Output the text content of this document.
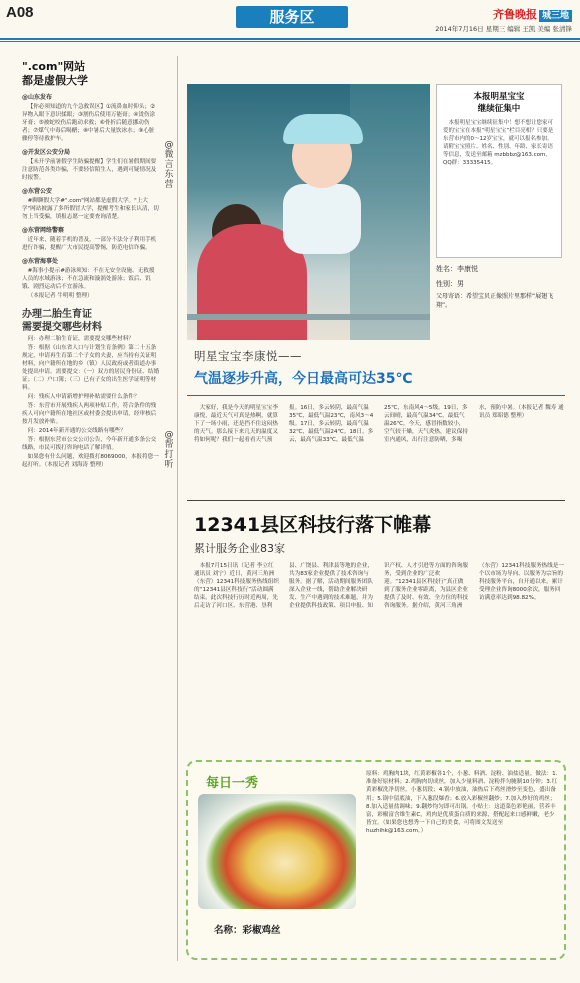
A08	服务区	齐鲁晚报 城三地
2014年7月16日 星期三 编辑 王凯 美编 张清锋
".com"网站
都是虚假大学
@山东发布

【你必须知道的九个急救误区】①流鼻血时仰头；②异物入眼下意识揉眼；③割伤后使用万能膏；④烫伤涂牙膏；⑤被蛇咬伤后跑动求救；⑥骨折后随意挪动伤者；⑦煤气中毒后喝醋；⑧中暑后大量饮冰水；⑨心脏骤停等待救护车。

@开发区公安分局

【未开学前暑假学生防骗提醒】学生们在暑假期间要注意防范各类诈骗，不要轻信陌生人，遇到可疑情况及时报警。

@东营公安

#聊聊假大学#".com"网站都是虚假大学。"上大学"网站披露了多所假冒大学，提醒考生和家长认清，切勿上当受骗，填报志愿一定要查询清楚。

@东营网络警察

近年来，随着手机的普及，一部分不法分子利用手机进行诈骗，提醒广大市民提高警惕，防范电信诈骗。

@东营海事处

#海事小提示#游泳须知：不在无安全设施、无救援人员的水域游泳；不在急流和漩涡处游泳；饭后、饥饿、剧烈运动后不宜游泳。

（本报记者 牛明明 整理）

办理二胎生育证
需要提交哪些材料

问：办理二胎生育证，需要提交哪些材料？

答：根据《山东省人口与计划生育条例》第二十五条规定，申请再生育第二个子女的夫妻，应当持有关证明材料，向户籍所在地的乡（镇）人民政府或者街道办事处提出申请。需要提交：（一）双方的居民身份证、结婚证；（二）户口簿；（三）已有子女的出生医学证明等材料。

问：残疾人申请新增护理补贴需要什么条件？

答：东营市开展残疾人两项补贴工作，符合条件的残疾人可向户籍所在地社区或村委会提出申请，经审核后按月发放补贴。

问：2014年新开通的公交线路有哪些？

答：根据东营市公交公司公告，今年新开通多条公交线路，市民可拨打咨询电话了解详情。

如果您有什么问题，欢迎拨打8069000，本报将您一起打听。（本报记者 刘海涛 整理）

@微言东营
@帮打听
本报明星宝宝
继续征集中

本报明星宝宝继续征集中！想不想让您家可爱的宝宝在本报“明星宝宝”栏目亮相？只要是东营市内的0～12岁宝宝，就可以报名参加。请附宝宝照片、姓名、性别、年龄、家长寄语等信息，发送至邮箱 mzbbbz@163.com，QQ群：33335415。

姓名：李康悦
性别：男
父母寄语：希望宝贝正像照片里那样“展翅飞翔”。
明星宝宝李康悦——
气温逐步升高，今日最高可达35℃
大家好，我是今天的明星宝宝李康悦，最近天气可真是热啊，就算下了一场小雨，还是挡不住这闷热的天气。那么接下来几天的温度又将如何呢？我们一起看看天气预报。16日，多云转阴，最高气温35℃，最低气温23℃，南风3～4级。17日，多云转阴，最高气温32℃，最低气温24℃。18日，多云，最高气温33℃，最低气温25℃，东南风4～5级。19日，多云间晴，最高气温34℃，最低气温26℃。今天，感冒指数较小，空气较干燥，天气炎热，建议保持室内通风，出行注意防晒，多喝水，预防中暑。（本报记者 魏寿 通讯员 郑昭德 整理）
12341县区科技行落下帷幕
累计服务企业83家
本报7月15日讯（记者 李立红 通讯员 刘宁）近日，黄河三角洲（东营）12341科技服务热线组织的“12341县区科技行”活动圆满结束。此次科技行历时近两周，先后走访了河口区、东营港、垦利县、广饶县、利津县等地的企业，共为83家企业提供了技术咨询与服务。据了解，活动期间服务团队深入企业一线，帮助企业解决研发、生产中遇到的技术难题，并为企业提供科技政策、项目申报、知识产权、人才引进等方面的咨询服务，受到企业的广泛欢迎。“12341县区科技行”真正做到了服务企业零距离，为县区企业提供了及时、有效、全方位的科技咨询服务。据介绍，黄河三角洲（东营）12341科技服务热线是一个以市场为导向、以服务为宗旨的科技服务平台，自开通以来，累计受理企业咨询8000余次，服务回访满意率达到98.82%。
每日一秀
名称：彩椒鸡丝
原料：鸡胸肉1块，红黄彩椒各1个，小葱、料酒、淀粉、油盐适量。做法：1.准备好原材料；2.鸡胸肉切成丝，加入少量料酒、淀粉拌匀腌制10分钟；3.红黄彩椒洗净切丝，小葱切段；4.锅中放油，油热后下鸡丝滑炒至变色，盛出备用；5.锅中留底油，下入葱段爆香；6.放入彩椒丝翻炒；7.加入炒好的鸡丝；8.加入适量盐调味；9.翻炒均匀即可出锅。小贴士：这道菜色彩艳丽，营养丰富，彩椒富含维生素C，鸡肉是优质蛋白质的来源，搭配起来口感鲜嫩，老少皆宜。（如果您也想秀一下自己的美食，可将图文发送至huzhihk@163.com。）
